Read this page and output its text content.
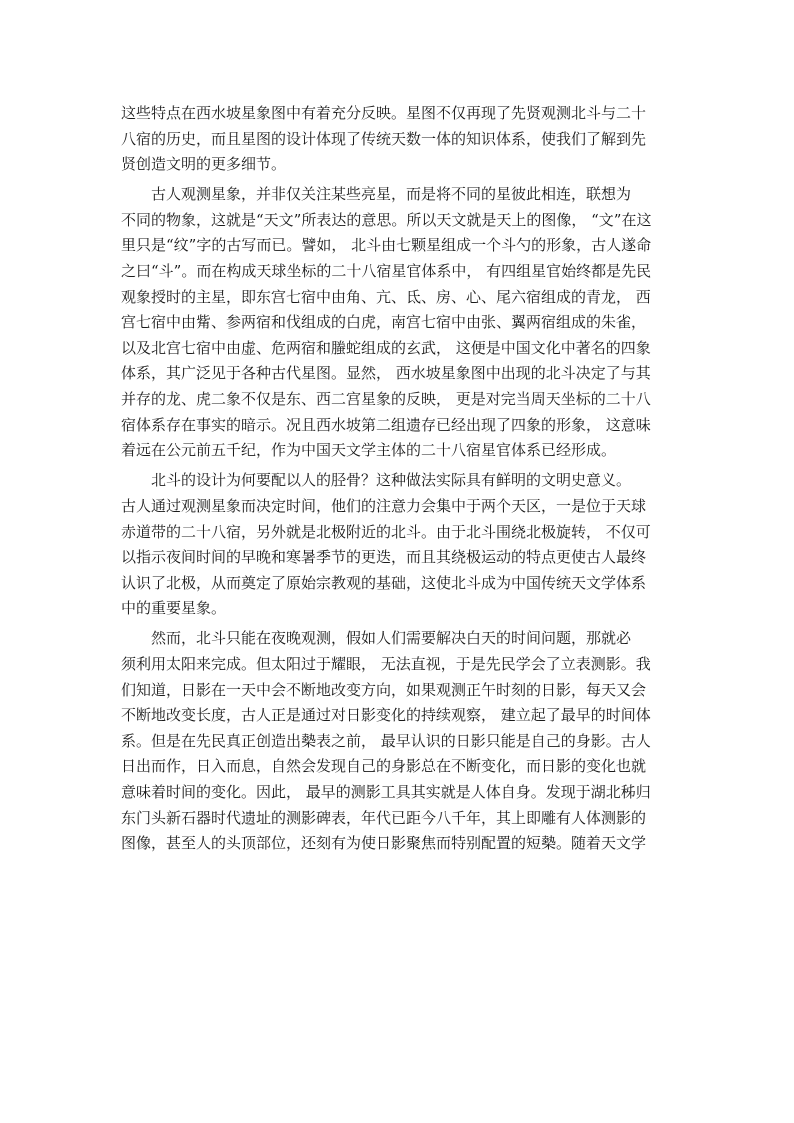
这些特点在西水坡星象图中有着充分反映。星图不仅再现了先贤观测北斗与二十
八宿的历史，而且星图的设计体现了传统天数一体的知识体系，使我们了解到先
贤创造文明的更多细节。
古人观测星象，并非仅关注某些亮星，而是将不同的星彼此相连，联想为
不同的物象，这就是“天文”所表达的意思。所以天文就是天上的图像， “文”在这
里只是“纹”字的古写而已。譬如， 北斗由七颗星组成一个斗勺的形象，古人遂命
之曰“斗”。而在构成天球坐标的二十八宿星官体系中， 有四组星官始终都是先民
观象授时的主星，即东宫七宿中由角、亢、氐、房、心、尾六宿组成的青龙， 西
宫七宿中由觜、参两宿和伐组成的白虎，南宫七宿中由张、翼两宿组成的朱雀，
以及北宫七宿中由虚、危两宿和螣蛇组成的玄武， 这便是中国文化中著名的四象
体系，其广泛见于各种古代星图。显然， 西水坡星象图中出现的北斗决定了与其
并存的龙、虎二象不仅是东、西二宫星象的反映， 更是对完当周天坐标的二十八
宿体系存在事实的暗示。况且西水坡第二组遗存已经出现了四象的形象， 这意味
着远在公元前五千纪，作为中国天文学主体的二十八宿星官体系已经形成。
北斗的设计为何要配以人的胫骨？这种做法实际具有鲜明的文明史意义。
古人通过观测星象而决定时间，他们的注意力会集中于两个天区，一是位于天球
赤道带的二十八宿，另外就是北极附近的北斗。由于北斗围绕北极旋转， 不仅可
以指示夜间时间的早晚和寒暑季节的更迭，而且其绕极运动的特点更使古人最终
认识了北极，从而奠定了原始宗教观的基础，这使北斗成为中国传统天文学体系
中的重要星象。
然而，北斗只能在夜晚观测，假如人们需要解决白天的时间问题，那就必
须利用太阳来完成。但太阳过于耀眼， 无法直视，于是先民学会了立表测影。我
们知道，日影在一天中会不断地改变方向，如果观测正午时刻的日影，每天又会
不断地改变长度，古人正是通过对日影变化的持续观察， 建立起了最早的时间体
系。但是在先民真正创造出槷表之前， 最早认识的日影只能是自己的身影。古人
日出而作，日入而息，自然会发现自己的身影总在不断变化，而日影的变化也就
意味着时间的变化。因此， 最早的测影工具其实就是人体自身。发现于湖北秭归
东门头新石器时代遗址的测影碑表，年代已距今八千年，其上即雕有人体测影的
图像，甚至人的头顶部位，还刻有为使日影聚焦而特别配置的短槷。随着天文学
